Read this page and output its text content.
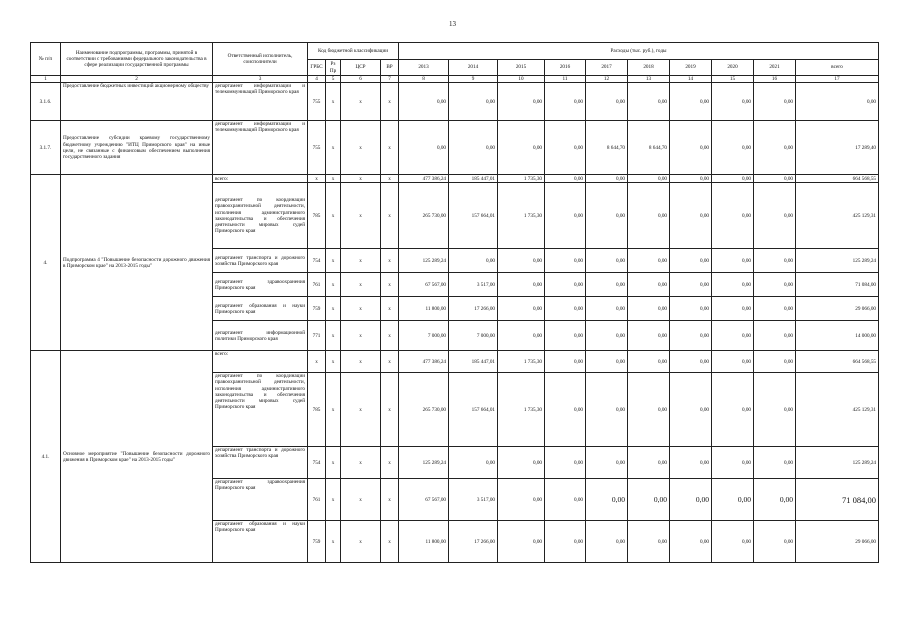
13
№ п/п	Наименование подпрограммы, программы, принятой в соответствии с требованиями федерального законодательства в сфере реализации государственной программы	Ответственный исполнитель, соисполнители	Код бюджетной классификации				Расходы (тыс. руб.), годы									
			ГРБС	Рз Пр	ЦСР	ВР	2013	2014	2015	2016	2017	2018	2019	2020	2021	всего
1	2	3	4	5	6	7	8	9	10	11	12	13	14	15	16	17
3.1.6.	Предоставление бюджетных инвестиций акционерному обществу	департамент информатизации и телекоммуникаций Приморского края	755	х	х	х	0,00	0,00	0,00	0,00	0,00	0,00	0,00	0,00	0,00	0,00
3.1.7.	Предоставление субсидии краевому государственному бюджетному учреждению "ИТЦ Приморского края" на иные цели, не связанные с финансовым обеспечением выполнения государственного задания	департамент информатизации и телекоммуникаций Приморского края	755	х	х	х	0,00	0,00	0,00	0,00	8 644,70	8 644,70	0,00	0,00	0,00	17 289,40
4.	Подпрограмма 4 "Повышение безопасности дорожного движения в Приморском крае" на 2013-2015 годы"	всего:	х	х	х	х	477 386,24	185 447,01	1 735,30	0,00	0,00	0,00	0,00	0,00	0,00	664 568,55
		департамент по координации правоохранительной деятельности, исполнения административного законодательства и обеспечения деятельности мировых судей Приморского края	785	х	х	х	265 730,00	157 664,01	1 735,30	0,00	0,00	0,00	0,00	0,00	0,00	425 129,31
		департамент транспорта и дорожного хозяйства Приморского края	754	х	х	х	125 289,24	0,00	0,00	0,00	0,00	0,00	0,00	0,00	0,00	125 289,24
		департамент здравоохранения Приморского края	761	х	х	х	67 567,00	3 517,00	0,00	0,00	0,00	0,00	0,00	0,00	0,00	71 084,00
		департамент образования и науки Приморского края	759	х	х	х	11 800,00	17 266,00	0,00	0,00	0,00	0,00	0,00	0,00	0,00	29 066,00
		департамент информационной политики Приморского края	771	х	х	х	7 000,00	7 000,00	0,00	0,00	0,00	0,00	0,00	0,00	0,00	14 000,00
4.1.	Основное мероприятие "Повышение безопасности дорожного движения в Приморском крае" на 2013-2015 годы"	всего:	х	х	х	х	477 386,24	185 447,01	1 735,30	0,00	0,00	0,00	0,00	0,00	0,00	664 568,55
		департамент по координации правоохранительной деятельности, исполнения административного законодательства и обеспечения деятельности мировых судей Приморского края	785	х	х	х	265 730,00	157 664,01	1 735,30	0,00	0,00	0,00	0,00	0,00	0,00	425 129,31
		департамент транспорта и дорожного хозяйства Приморского края	754	х	х	х	125 289,24	0,00	0,00	0,00	0,00	0,00	0,00	0,00	0,00	125 289,24
		департамент здравоохранения Приморского края	761	х	х	х	67 567,00	3 517,00	0,00	0,00	0,00	0,00	0,00	0,00	0,00	71 084,00
		департамент образования и науки Приморского края	759	х	х	х	11 800,00	17 266,00	0,00	0,00	0,00	0,00	0,00	0,00	0,00	29 066,00
